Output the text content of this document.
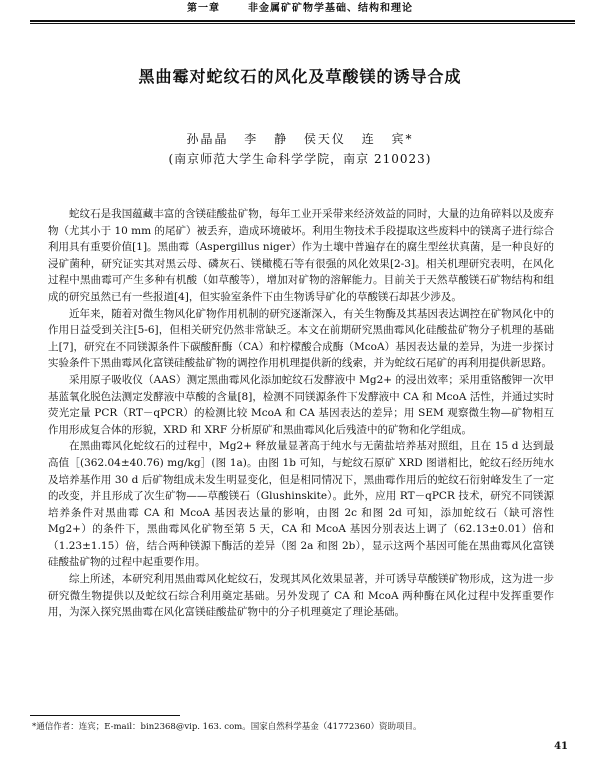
第一章	非金属矿矿物学基础、结构和理论
黑曲霉对蛇纹石的风化及草酸镁的诱导合成
孙晶晶 李 静 侯天仪 连 宾*
(南京师范大学生命科学学院，南京 210023)

蛇纹石是我国蕴藏丰富的含镁硅酸盐矿物，每年工业开采带来经济效益的同时，大量的边角碎料以及废弃物（尤其小于 10 mm 的尾矿）被丢弃，造成环境破坏。利用生物技术手段提取这些废料中的镁离子进行综合利用具有重要价值[1]。黑曲霉（Aspergillus niger）作为土壤中普遍存在的腐生型丝状真菌，是一种良好的浸矿菌种，研究证实其对黑云母、磷灰石、镁橄榄石等有很强的风化效果[2-3]。相关机理研究表明，在风化过程中黑曲霉可产生多种有机酸（如草酸等），增加对矿物的溶解能力。目前关于天然草酸镁石矿物结构和组成的研究虽然已有一些报道[4]，但实验室条件下由生物诱导矿化的草酸镁石却甚少涉及。

近年来，随着对微生物风化矿物作用机制的研究逐渐深入，有关生物酶及其基因表达调控在矿物风化中的作用日益受到关注[5-6]，但相关研究仍然非常缺乏。本文在前期研究黑曲霉风化硅酸盐矿物分子机理的基础上[7]，研究在不同镁源条件下碳酸酐酶（CA）和柠檬酸合成酶（McoA）基因表达量的差异，为进一步探讨实验条件下黑曲霉风化富镁硅酸盐矿物的调控作用机理提供新的线索，并为蛇纹石尾矿的再利用提供新思路。

采用原子吸收仪（AAS）测定黑曲霉风化添加蛇纹石发酵液中 Mg2+ 的浸出效率；采用重铬酸钾一次甲基蓝氧化脱色法测定发酵液中草酸的含量[8]，检测不同镁源条件下发酵液中 CA 和 McoA 活性，并通过实时荧光定量 PCR（RT－qPCR）的检测比较 McoA 和 CA 基因表达的差异；用 SEM 观察微生物—矿物相互作用形成复合体的形貌，XRD 和 XRF 分析原矿和黑曲霉风化后残渣中的矿物和化学组成。

在黑曲霉风化蛇纹石的过程中，Mg2+ 释放量显著高于纯水与无菌盐培养基对照组，且在 15 d 达到最高值［(362.04±40.76) mg/kg］(图 1a)。由图 1b 可知，与蛇纹石原矿 XRD 图谱相比，蛇纹石经历纯水及培养基作用 30 d 后矿物组成未发生明显变化，但是相同情况下，黑曲霉作用后的蛇纹石衍射峰发生了一定的改变，并且形成了次生矿物——草酸镁石（Glushinskite）。此外，应用 RT－qPCR 技术，研究不同镁源培养条件对黑曲霉 CA 和 McoA 基因表达量的影响，由图 2c 和图 2d 可知，添加蛇纹石（缺可溶性 Mg2+）的条件下，黑曲霉风化矿物至第 5 天，CA 和 McoA 基因分别表达上调了（62.13±0.01）倍和（1.23±1.15）倍，结合两种镁源下酶活的差异（图 2a 和图 2b），显示这两个基因可能在黑曲霉风化富镁硅酸盐矿物的过程中起重要作用。

综上所述，本研究利用黑曲霉风化蛇纹石，发现其风化效果显著，并可诱导草酸镁矿物形成，这为进一步研究微生物提供以及蛇纹石综合利用奠定基础。另外发现了 CA 和 McoA 两种酶在风化过程中发挥重要作用，为深入探究黑曲霉在风化富镁硅酸盐矿物中的分子机理奠定了理论基础。

*通信作者：连宾；E-mail：bin2368@vip. 163. com。国家自然科学基金（41772360）资助项目。
41
